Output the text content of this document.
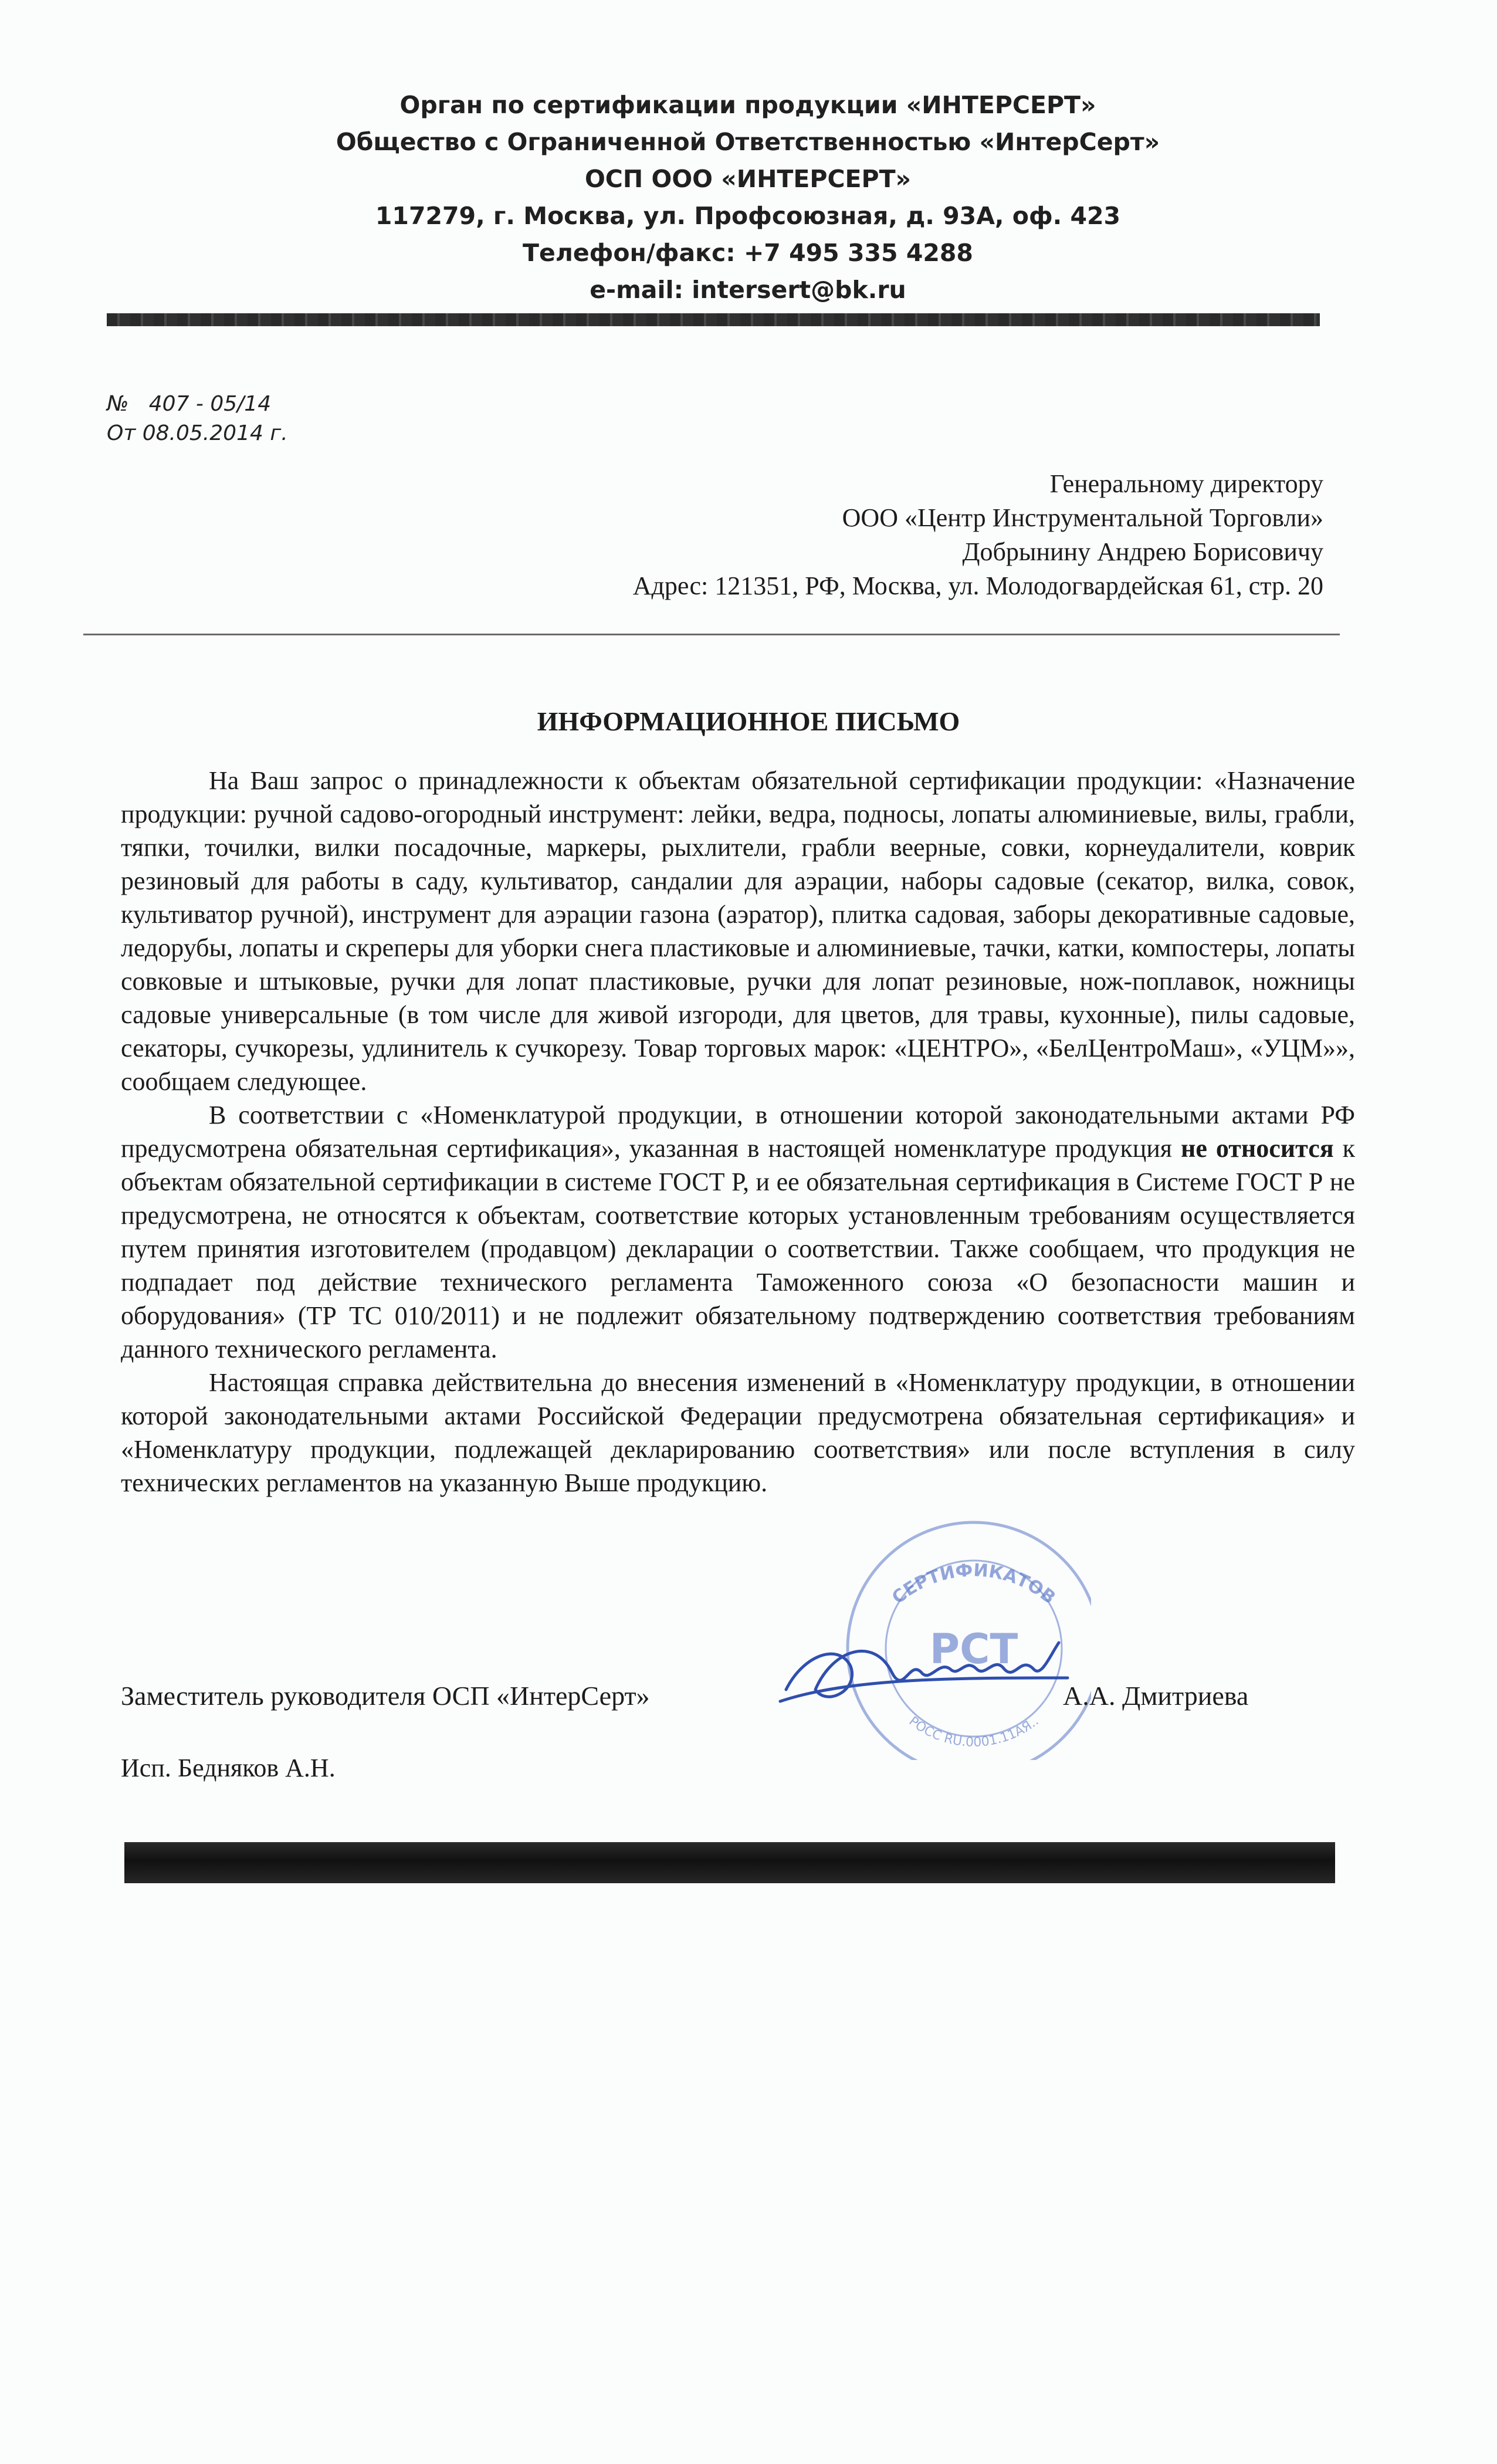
Орган по сертификации продукции «ИНТЕРСЕРТ»
Общество с Ограниченной Ответственностью «ИнтерСерт»
ОСП ООО «ИНТЕРСЕРТ»
117279, г. Москва, ул. Профсоюзная, д. 93А, оф. 423
Телефон/факс: +7 495 335 4288
e-mail: intersert@bk.ru
№   407 - 05/14
От 08.05.2014 г.
Генеральному директору
ООО «Центр Инструментальной Торговли»
Добрынину Андрею Борисовичу
Адрес: 121351, РФ, Москва, ул. Молодогвардейская 61, стр. 20
ИНФОРМАЦИОННОЕ ПИСЬМО

На Ваш запрос о принадлежности к объектам обязательной сертификации продукции: «Назначение продукции: ручной садово-огородный инструмент: лейки, ведра, подносы, лопаты алюминиевые, вилы, грабли, тяпки, точилки, вилки посадочные, маркеры, рыхлители, грабли веерные, совки, корнеудалители, коврик резиновый для работы в саду, культиватор, сандалии для аэрации, наборы садовые (секатор, вилка, совок, культиватор ручной), инструмент для аэрации газона (аэратор), плитка садовая, заборы декоративные садовые, ледорубы, лопаты и скреперы для уборки снега пластиковые и алюминиевые, тачки, катки, компостеры, лопаты совковые и штыковые, ручки для лопат пластиковые, ручки для лопат резиновые, нож-поплавок, ножницы садовые универсальные (в том числе для живой изгороди, для цветов, для травы, кухонные), пилы садовые, секаторы, сучкорезы, удлинитель к сучкорезу. Товар торговых марок: «ЦЕНТРО», «БелЦентроМаш», «УЦМ»», сообщаем следующее.

В соответствии с «Номенклатурой продукции, в отношении которой законодательными актами РФ предусмотрена обязательная сертификация», указанная в настоящей номенклатуре продукция не относится к объектам обязательной сертификации в системе ГОСТ Р, и ее обязательная сертификация в Системе ГОСТ Р не предусмотрена, не относятся к объектам, соответствие которых установленным требованиям осуществляется путем принятия изготовителем (продавцом) декларации о соответствии. Также сообщаем, что продукция не подпадает под действие технического регламента Таможенного союза «О безопасности машин и оборудования» (ТР ТС 010/2011) и не подлежит обязательному подтверждению соответствия требованиям данного технического регламента.

Настоящая справка действительна до внесения изменений в «Номенклатуру продукции, в отношении которой законодательными актами Российской Федерации предусмотрена обязательная сертификация» и «Номенклатуру продукции, подлежащей декларированию соответствия» или после вступления в силу технических регламентов на указанную Выше продукцию.

СЕРТИФИКАТОВ
РОСС RU.0001.11АЯ..
РСТ
Заместитель руководителя ОСП «ИнтерСерт»	А.А. Дмитриева
Исп. Бедняков А.Н.
